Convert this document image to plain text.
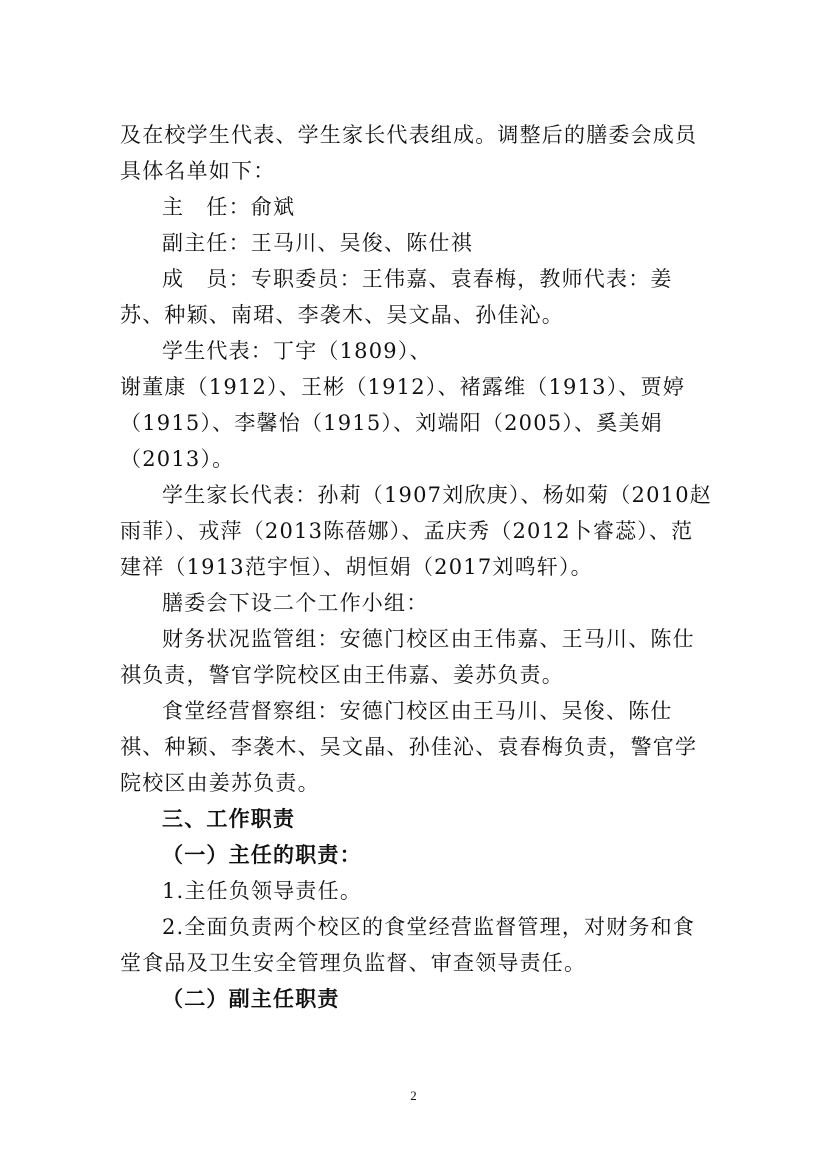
及在校学生代表、学生家长代表组成。调整后的膳委会成员
具体名单如下：
主　任：俞斌
副主任：王马川、吴俊、陈仕祺
成　员：专职委员：王伟嘉、袁春梅，教师代表：姜
苏、种颖、南珺、李袭木、吴文晶、孙佳沁。
学生代表：丁宇（1809）、
谢董康（1912）、王彬（1912）、褚露维（1913）、贾婷
（1915）、李馨怡（1915）、刘端阳（2005）、奚美娟
（2013）。
学生家长代表：孙莉（1907刘欣庚）、杨如菊（2010赵
雨菲）、戎萍（2013陈蓓娜）、孟庆秀（2012卜睿蕊）、范
建祥（1913范宇恒）、胡恒娟（2017刘鸣轩）。
膳委会下设二个工作小组：
财务状况监管组：安德门校区由王伟嘉、王马川、陈仕
祺负责，警官学院校区由王伟嘉、姜苏负责。
食堂经营督察组：安德门校区由王马川、吴俊、陈仕
祺、种颖、李袭木、吴文晶、孙佳沁、袁春梅负责，警官学
院校区由姜苏负责。
三、工作职责
（一）主任的职责：
1.主任负领导责任。
2.全面负责两个校区的食堂经营监督管理，对财务和食
堂食品及卫生安全管理负监督、审查领导责任。
（二）副主任职责
2
